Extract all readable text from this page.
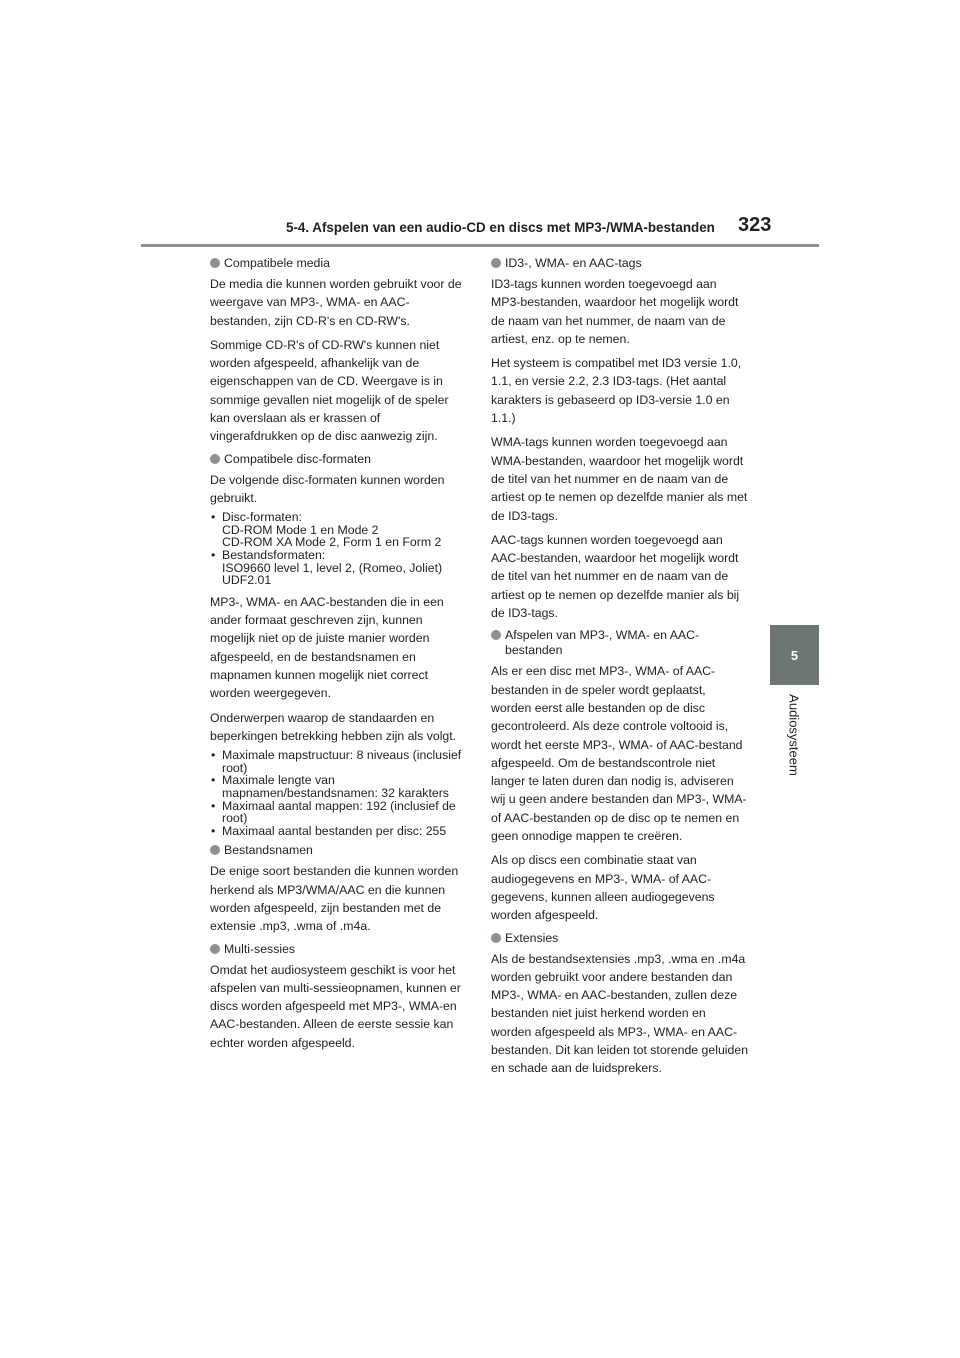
5-4. Afspelen van een audio-CD en discs met MP3-/WMA-bestanden 323
5
Audiosysteem
Compatibele media

De media die kunnen worden gebruikt voor de weergave van MP3-, WMA- en AAC-bestanden, zijn CD-R's en CD-RW's.

Sommige CD-R's of CD-RW's kunnen niet worden afgespeeld, afhankelijk van de eigenschappen van de CD. Weergave is in sommige gevallen niet mogelijk of de speler kan overslaan als er krassen of vingerafdrukken op de disc aanwezig zijn.

Compatibele disc-formaten

De volgende disc-formaten kunnen worden gebruikt.

• Disc-formaten:
CD-ROM Mode 1 en Mode 2
CD-ROM XA Mode 2, Form 1 en Form 2
• Bestandsformaten:
ISO9660 level 1, level 2, (Romeo, Joliet)
UDF2.01

MP3-, WMA- en AAC-bestanden die in een ander formaat geschreven zijn, kunnen mogelijk niet op de juiste manier worden afgespeeld, en de bestandsnamen en mapnamen kunnen mogelijk niet correct worden weergegeven.

Onderwerpen waarop de standaarden en beperkingen betrekking hebben zijn als volgt.

• Maximale mapstructuur: 8 niveaus (inclusief root)
• Maximale lengte van mapnamen/bestandsnamen: 32 karakters
• Maximaal aantal mappen: 192 (inclusief de root)
• Maximaal aantal bestanden per disc: 255
Bestandsnamen

De enige soort bestanden die kunnen worden herkend als MP3/WMA/AAC en die kunnen worden afgespeeld, zijn bestanden met de extensie .mp3, .wma of .m4a.

Multi-sessies

Omdat het audiosysteem geschikt is voor het afspelen van multi-sessieopnamen, kunnen er discs worden afgespeeld met MP3-, WMA-en AAC-bestanden. Alleen de eerste sessie kan echter worden afgespeeld.

ID3-, WMA- en AAC-tags

ID3-tags kunnen worden toegevoegd aan MP3-bestanden, waardoor het mogelijk wordt de naam van het nummer, de naam van de artiest, enz. op te nemen.

Het systeem is compatibel met ID3 versie 1.0, 1.1, en versie 2.2, 2.3 ID3-tags. (Het aantal karakters is gebaseerd op ID3-versie 1.0 en 1.1.)

WMA-tags kunnen worden toegevoegd aan WMA-bestanden, waardoor het mogelijk wordt de titel van het nummer en de naam van de artiest op te nemen op dezelfde manier als met de ID3-tags.

AAC-tags kunnen worden toegevoegd aan AAC-bestanden, waardoor het mogelijk wordt de titel van het nummer en de naam van de artiest op te nemen op dezelfde manier als bij de ID3-tags.

Afspelen van MP3-, WMA- en AAC-bestanden

Als er een disc met MP3-, WMA- of AAC-bestanden in de speler wordt geplaatst, worden eerst alle bestanden op de disc gecontroleerd. Als deze controle voltooid is, wordt het eerste MP3-, WMA- of AAC-bestand afgespeeld. Om de bestandscontrole niet langer te laten duren dan nodig is, adviseren wij u geen andere bestanden dan MP3-, WMA-of AAC-bestanden op de disc op te nemen en geen onnodige mappen te creëren.

Als op discs een combinatie staat van audiogegevens en MP3-, WMA- of AAC-gegevens, kunnen alleen audiogegevens worden afgespeeld.

Extensies

Als de bestandsextensies .mp3, .wma en .m4a worden gebruikt voor andere bestanden dan MP3-, WMA- en AAC-bestanden, zullen deze bestanden niet juist herkend worden en worden afgespeeld als MP3-, WMA- en AAC-bestanden. Dit kan leiden tot storende geluiden en schade aan de luidsprekers.
